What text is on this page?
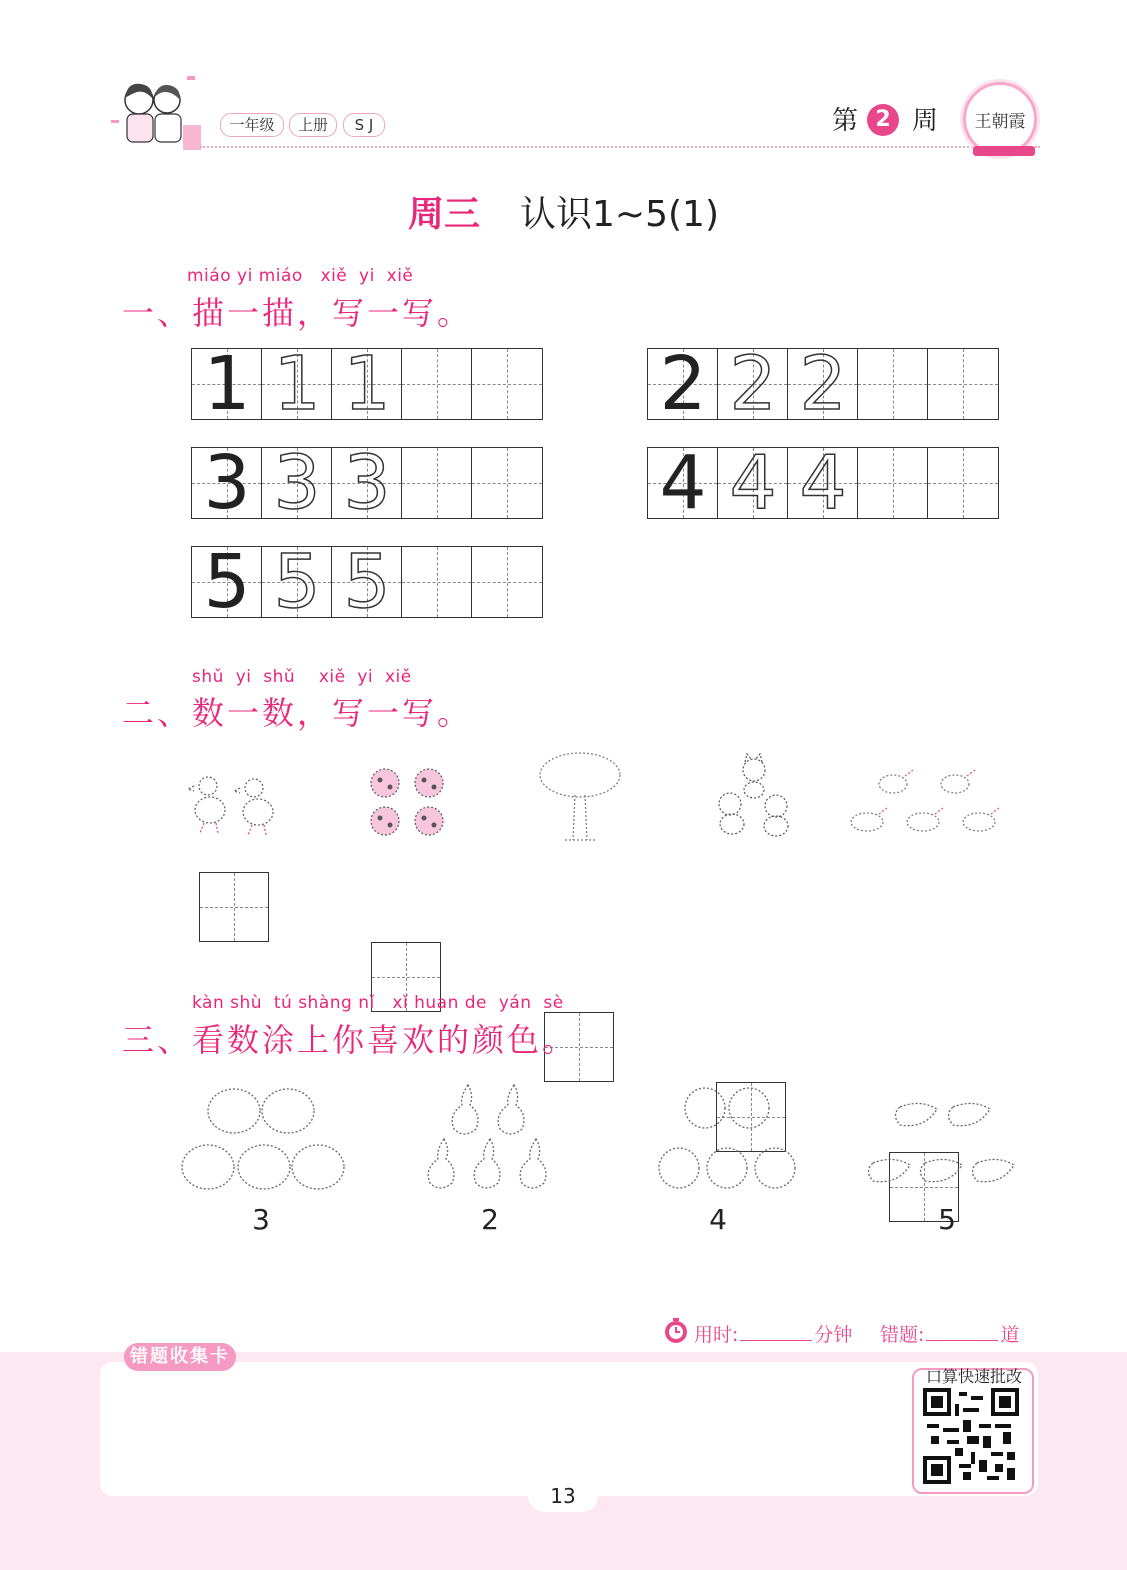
一年级	上册	S J	第 2 周 王朝霞
周三 认识1~5(1)
miáo yi miáo   xiě  yi  xiě
一、描一描，写一写。
1 1 1	2 2 2
3 3 3	4 4 4
5 5 5
shǔ  yi  shǔ    xiě  yi  xiě
二、数一数，写一写。
kàn shù  tú shàng nǐ   xǐ huan de  yán  sè
三、看数涂上你喜欢的颜色。
3	2	4	5
用时:	分钟 错题:	道
错题收集卡
口算快速批改
13
